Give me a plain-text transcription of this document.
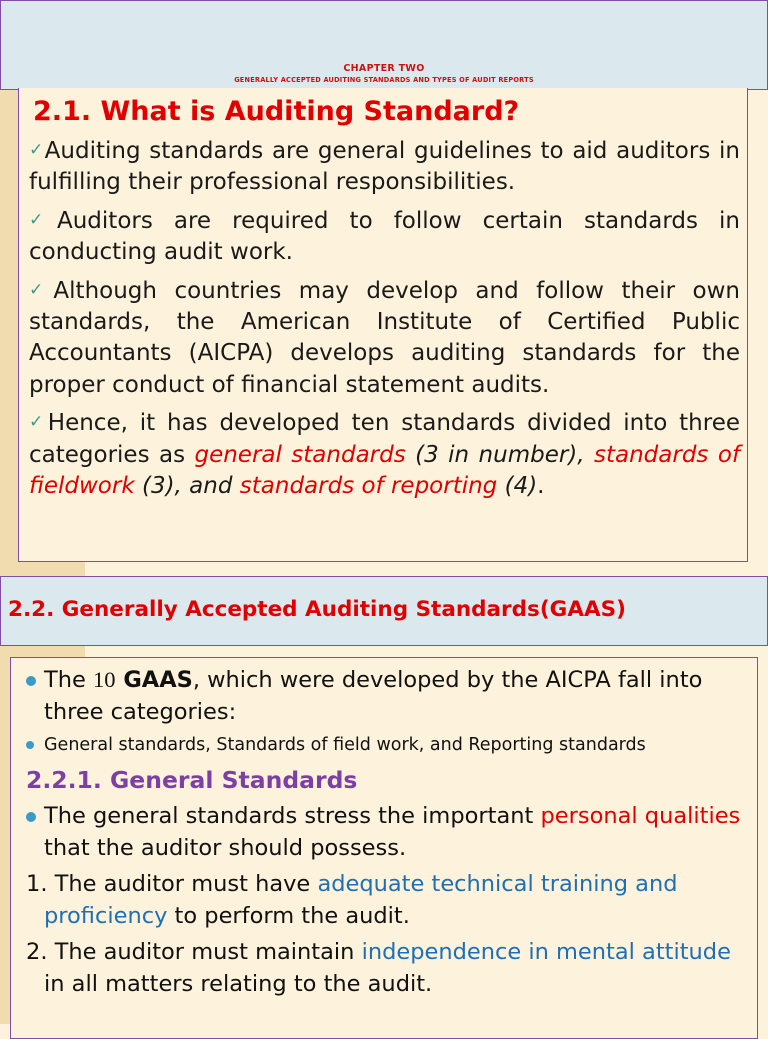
CHAPTER TWO
GENERALLY ACCEPTED AUDITING STANDARDS AND TYPES OF AUDIT REPORTS
2.1. What is Auditing Standard?

✓Auditing standards are general guidelines to aid auditors in fulfilling their professional responsibilities.

✓Auditors are required to follow certain standards in conducting audit work.

✓Although countries may develop and follow their own standards, the American Institute of Certified Public Accountants (AICPA) develops auditing standards for the proper conduct of financial statement audits.

✓Hence, it has developed ten standards divided into three categories as general standards (3 in number), standards of fieldwork (3), and standards of reporting (4).

2.2. Generally Accepted Auditing Standards(GAAS)
The 10 GAAS, which were developed by the AICPA fall into three categories:
General standards, Standards of field work, and Reporting standards
2.2.1. General Standards
The general standards stress the important personal qualities that the auditor should possess.
1. The auditor must have adequate technical training and proficiency to perform the audit.
2. The auditor must maintain independence in mental attitude in all matters relating to the audit.
